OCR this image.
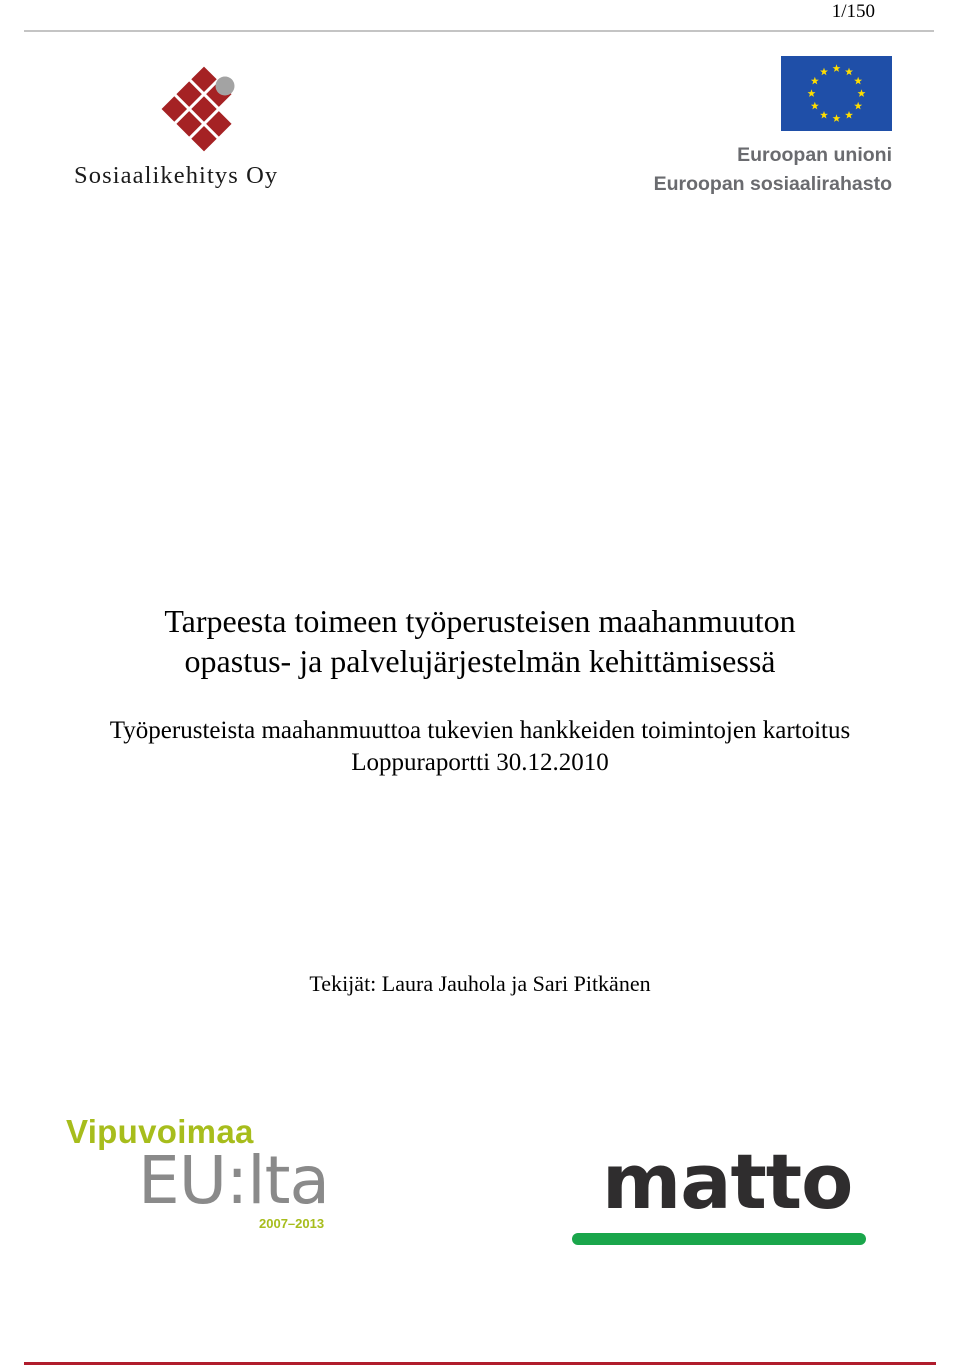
1/150
Sosiaalikehitys Oy
Euroopan unioni
Euroopan sosiaalirahasto
Tarpeesta toimeen työperusteisen maahanmuuton
opastus- ja palvelujärjestelmän kehittämisessä
Työperusteista maahanmuuttoa tukevien hankkeiden toimintojen kartoitus
Loppuraportti 30.12.2010
Tekijät: Laura Jauhola ja Sari Pitkänen
Vipuvoimaa
EU:lta
2007–2013	matto
